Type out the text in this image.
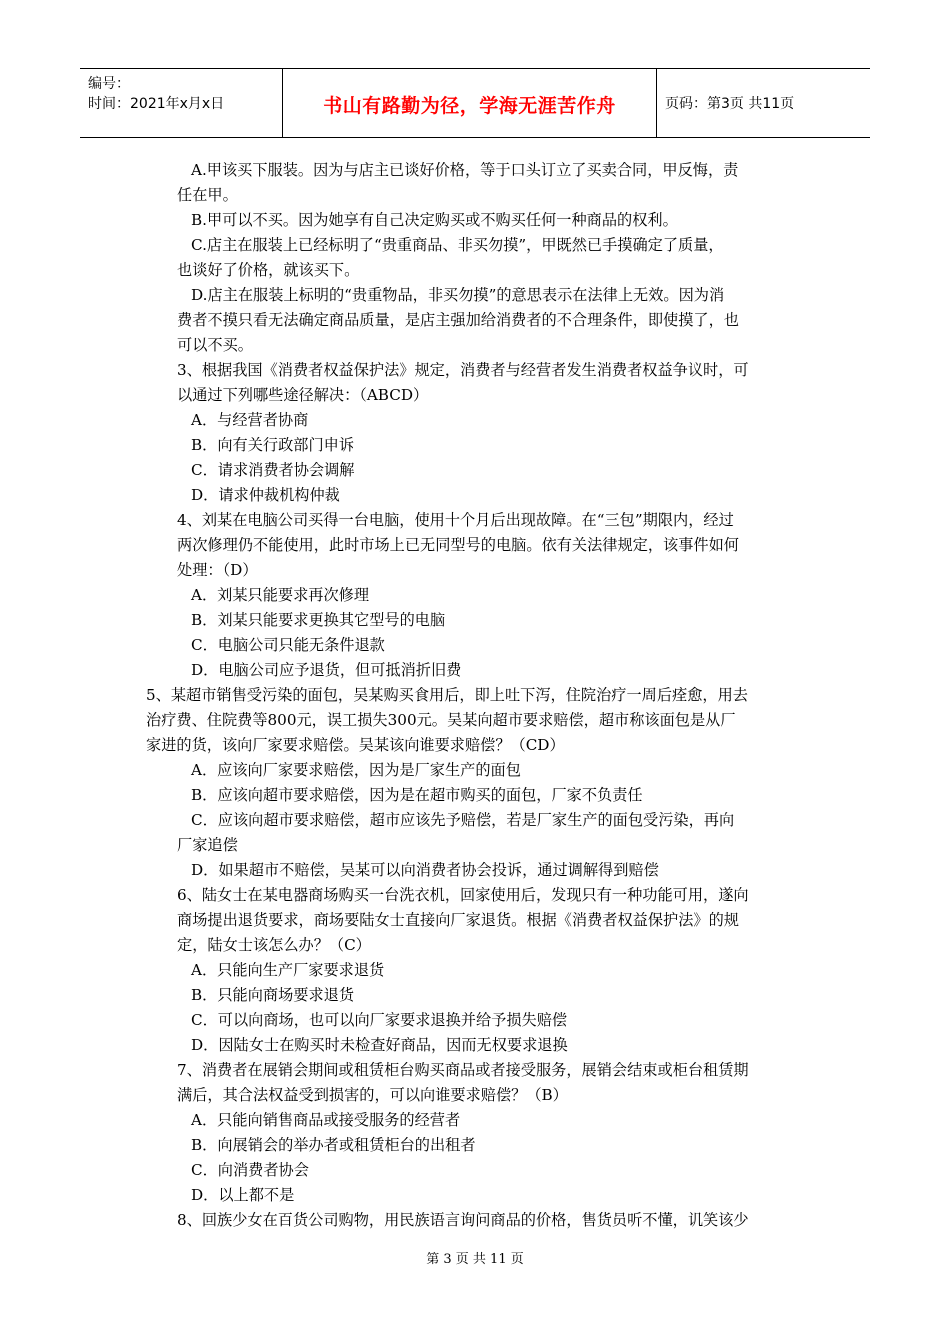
编号：
时间：2021年x月x日	书山有路勤为径，学海无涯苦作舟	页码：第3页 共11页
A.甲该买下服装。因为与店主已谈好价格，等于口头订立了买卖合同，甲反悔，责
任在甲。
B.甲可以不买。因为她享有自己决定购买或不购买任何一种商品的权利。
C.店主在服装上已经标明了“贵重商品、非买勿摸”，甲既然已手摸确定了质量，
也谈好了价格，就该买下。
D.店主在服装上标明的“贵重物品，非买勿摸”的意思表示在法律上无效。因为消
费者不摸只看无法确定商品质量，是店主强加给消费者的不合理条件，即使摸了，也
可以不买。
3、根据我国《消费者权益保护法》规定，消费者与经营者发生消费者权益争议时，可
以通过下列哪些途径解决：（ABCD）
A．与经营者协商
B．向有关行政部门申诉
C．请求消费者协会调解
D．请求仲裁机构仲裁
4、刘某在电脑公司买得一台电脑，使用十个月后出现故障。在“三包”期限内，经过
两次修理仍不能使用，此时市场上已无同型号的电脑。依有关法律规定，该事件如何
处理：（D）
A．刘某只能要求再次修理
B．刘某只能要求更换其它型号的电脑
C．电脑公司只能无条件退款
D．电脑公司应予退货，但可抵消折旧费
5、某超市销售受污染的面包，吴某购买食用后，即上吐下泻，住院治疗一周后痊愈，用去
治疗费、住院费等800元，误工损失300元。吴某向超市要求赔偿，超市称该面包是从厂
家进的货，该向厂家要求赔偿。吴某该向谁要求赔偿？（CD）
A．应该向厂家要求赔偿，因为是厂家生产的面包
B．应该向超市要求赔偿，因为是在超市购买的面包，厂家不负责任
C．应该向超市要求赔偿，超市应该先予赔偿，若是厂家生产的面包受污染，再向
厂家追偿
D．如果超市不赔偿，吴某可以向消费者协会投诉，通过调解得到赔偿
6、陆女士在某电器商场购买一台洗衣机，回家使用后，发现只有一种功能可用，遂向
商场提出退货要求，商场要陆女士直接向厂家退货。根据《消费者权益保护法》的规
定，陆女士该怎么办？（C）
A．只能向生产厂家要求退货
B．只能向商场要求退货
C．可以向商场，也可以向厂家要求退换并给予损失赔偿
D．因陆女士在购买时未检查好商品，因而无权要求退换
7、消费者在展销会期间或租赁柜台购买商品或者接受服务，展销会结束或柜台租赁期
满后，其合法权益受到损害的，可以向谁要求赔偿？（B）
A．只能向销售商品或接受服务的经营者
B．向展销会的举办者或租赁柜台的出租者
C．向消费者协会
D．以上都不是
8、回族少女在百货公司购物，用民族语言询问商品的价格，售货员听不懂，讥笑该少
第 3 页 共 11 页
